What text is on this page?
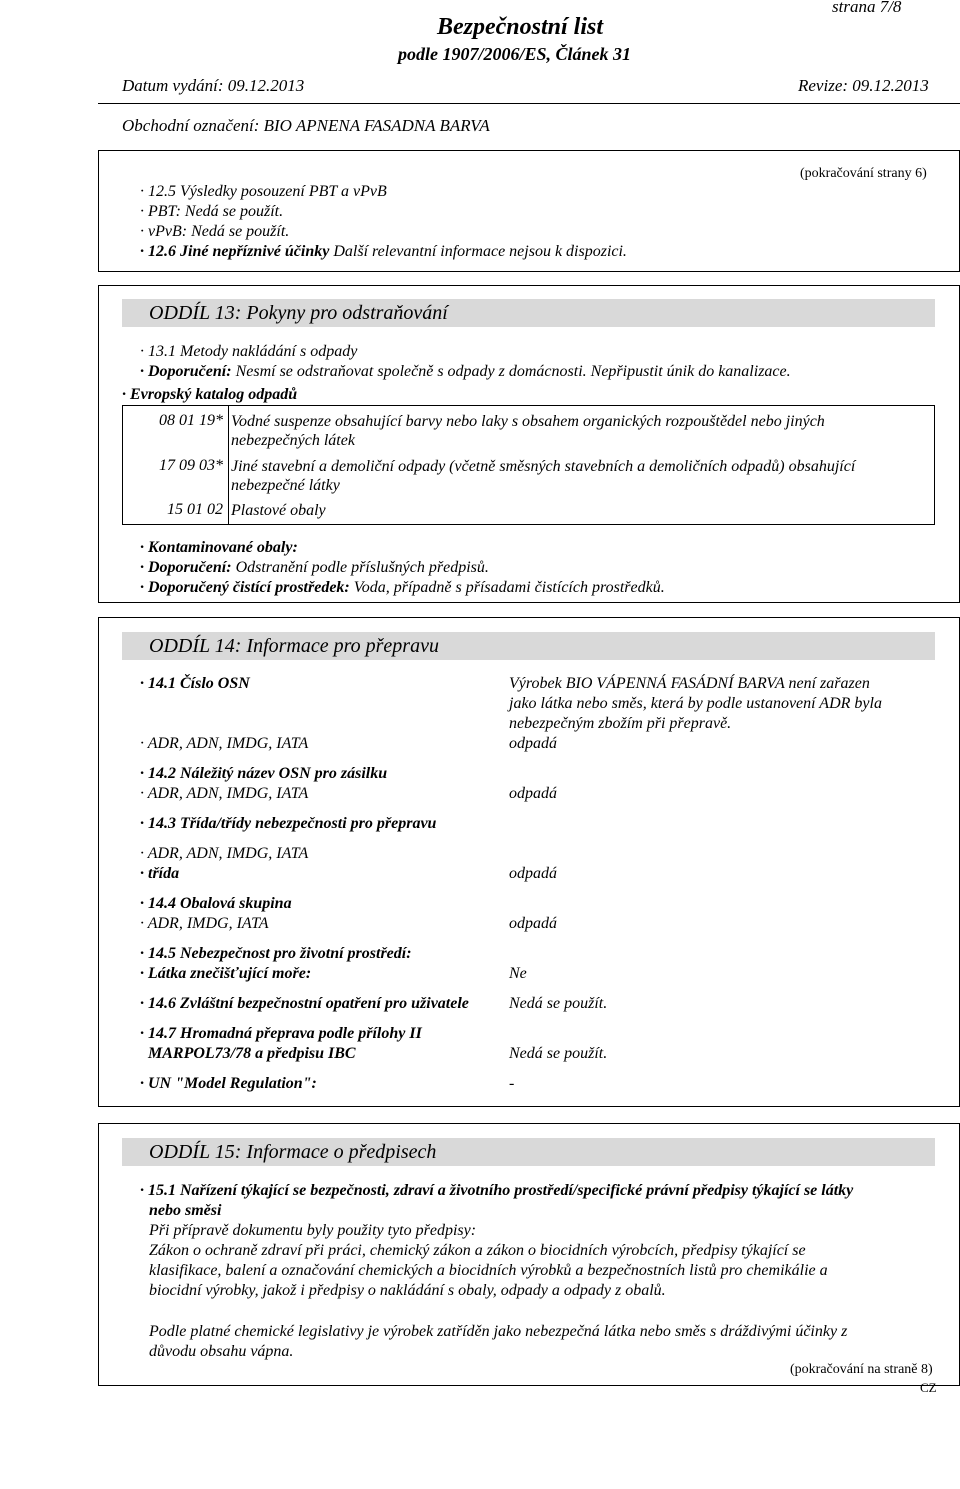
strana 7/8
Bezpečnostní list
podle 1907/2006/ES, Článek 31
Datum vydání: 09.12.2013	Revize: 09.12.2013
Obchodní označení: BIO APNENA FASADNA BARVA
(pokračování strany 6)
· 12.5 Výsledky posouzení PBT a vPvB
· PBT: Nedá se použít.
· vPvB: Nedá se použít.
· 12.6 Jiné nepříznivé účinky Další relevantní informace nejsou k dispozici.
ODDÍL 13: Pokyny pro odstraňování
· 13.1 Metody nakládání s odpady
· Doporučení: Nesmí se odstraňovat společně s odpady z domácnosti. Nepřipustit únik do kanalizace.
· Evropský katalog odpadů
08 01 19* Vodné suspenze obsahující barvy nebo laky s obsahem organických rozpouštědel nebo jiných
nebezpečných látek
17 09 03* Jiné stavební a demoliční odpady (včetně směsných stavebních a demoličních odpadů) obsahující
nebezpečné látky
15 01 02 Plastové obaly
· Kontaminované obaly:
· Doporučení: Odstranění podle příslušných předpisů.
· Doporučený čistící prostředek: Voda, případně s přísadami čistících prostředků.
ODDÍL 14: Informace pro přepravu
· 14.1 Číslo OSN	Výrobek BIO VÁPENNÁ FASÁDNÍ BARVA není zařazen
jako látka nebo směs, která by podle ustanovení ADR byla
nebezpečným zbožím při přepravě.
· ADR, ADN, IMDG, IATA	odpadá
· 14.2 Náležitý název OSN pro zásilku
· ADR, ADN, IMDG, IATA	odpadá
· 14.3 Třída/třídy nebezpečnosti pro přepravu
· ADR, ADN, IMDG, IATA
· třída	odpadá
· 14.4 Obalová skupina
· ADR, IMDG, IATA	odpadá
· 14.5 Nebezpečnost pro životní prostředí:
· Látka znečišťující moře:	Ne
· 14.6 Zvláštní bezpečnostní opatření pro uživatele	Nedá se použít.
· 14.7 Hromadná přeprava podle přílohy II
MARPOL73/78 a předpisu IBC	Nedá se použít.
· UN "Model Regulation":	-
ODDÍL 15: Informace o předpisech
· 15.1 Nařízení týkající se bezpečnosti, zdraví a životního prostředí/specifické právní předpisy týkající se látky
nebo směsi
Při přípravě dokumentu byly použity tyto předpisy:
Zákon o ochraně zdraví při práci, chemický zákon a zákon o biocidních výrobcích, předpisy týkající se
klasifikace, balení a označování chemických a biocidních výrobků a bezpečnostních listů pro chemikálie a
biocidní výrobky, jakož i předpisy o nakládání s obaly, odpady a odpady z obalů.
Podle platné chemické legislativy je výrobek zatříděn jako nebezpečná látka nebo směs s dráždivými účinky z
důvodu obsahu vápna.
(pokračování na straně 8)
CZ
